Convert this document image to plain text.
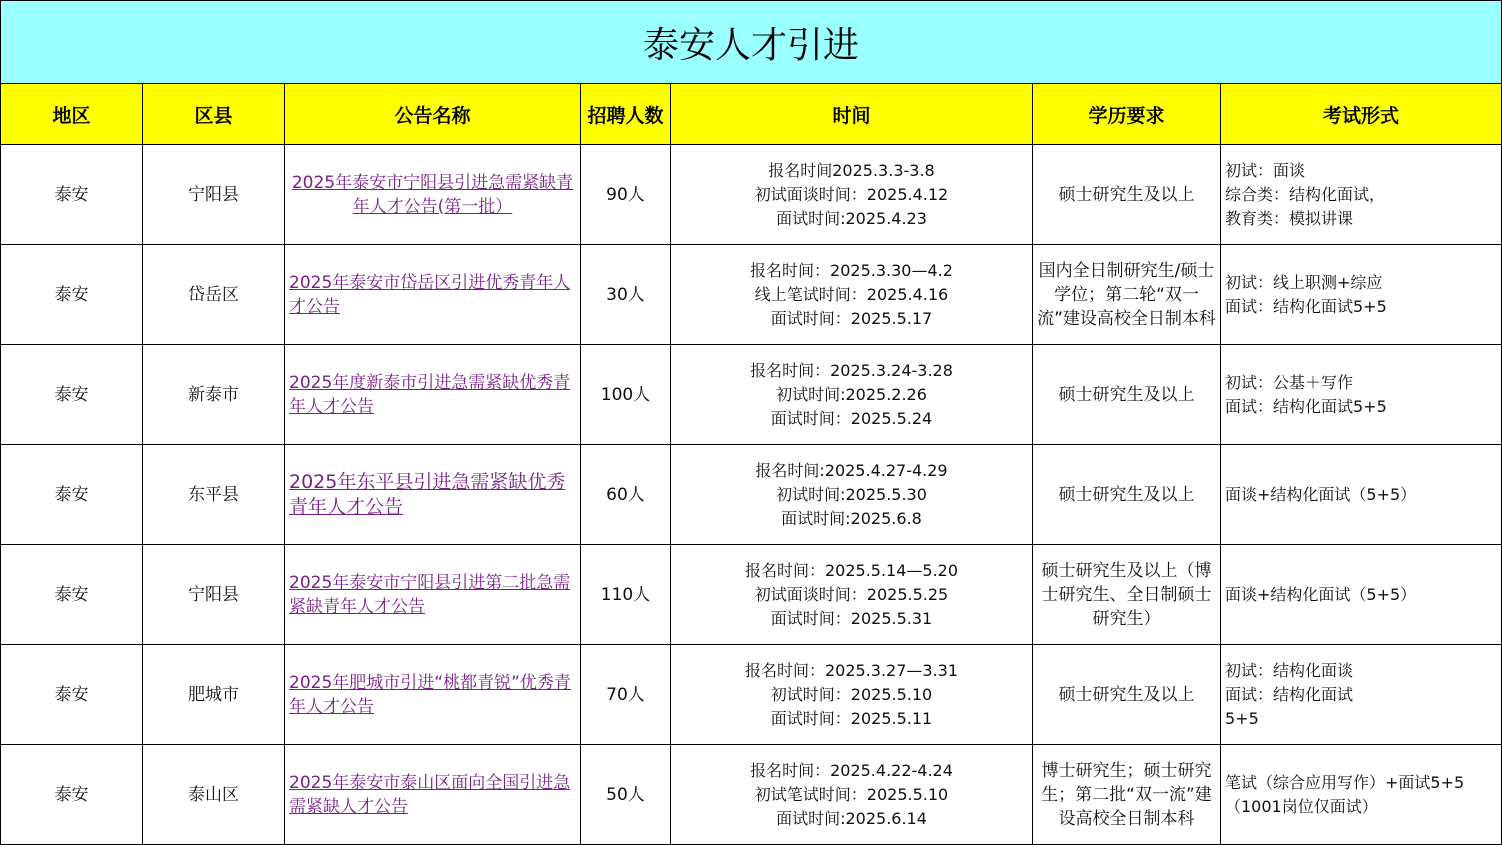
泰安人才引进						
地区	区县	公告名称	招聘人数	时间	学历要求	考试形式
泰安	宁阳县	2025年泰安市宁阳县引进急需紧缺青年人才公告(第一批）	90人	报名时间2025.3.3-3.8
初试面谈时间：2025.4.12
面试时间:2025.4.23	硕士研究生及以上	初试：面谈
综合类：结构化面试，
教育类：模拟讲课
泰安	岱岳区	2025年泰安市岱岳区引进优秀青年人才公告	30人	报名时间：2025.3.30—4.2
线上笔试时间：2025.4.16
面试时间：2025.5.17	国内全日制研究生/硕士学位；第二轮“双一流”建设高校全日制本科	初试：线上职测+综应
面试：结构化面试5+5
泰安	新泰市	2025年度新泰市引进急需紧缺优秀青年人才公告	100人	报名时间：2025.3.24-3.28
初试时间:2025.2.26
面试时间：2025.5.24	硕士研究生及以上	初试：公基＋写作
面试：结构化面试5+5
泰安	东平县	2025年东平县引进急需紧缺优秀青年人才公告	60人	报名时间:2025.4.27-4.29
初试时间:2025.5.30
面试时间:2025.6.8	硕士研究生及以上	面谈+结构化面试（5+5）
泰安	宁阳县	2025年泰安市宁阳县引进第二批急需紧缺青年人才公告	110人	报名时间：2025.5.14—5.20
初试面谈时间：2025.5.25
面试时间：2025.5.31	硕士研究生及以上（博士研究生、全日制硕士研究生）	面谈+结构化面试（5+5）
泰安	肥城市	2025年肥城市引进“桃都青锐”优秀青年人才公告	70人	报名时间：2025.3.27—3.31
初试时间：2025.5.10
面试时间：2025.5.11	硕士研究生及以上	初试：结构化面谈
面试：结构化面试
5+5
泰安	泰山区	2025年泰安市泰山区面向全国引进急需紧缺人才公告	50人	报名时间：2025.4.22-4.24
初试笔试时间：2025.5.10
面试时间:2025.6.14	博士研究生；硕士研究生；第二批“双一流”建设高校全日制本科	笔试（综合应用写作）+面试5+5
（1001岗位仅面试）
